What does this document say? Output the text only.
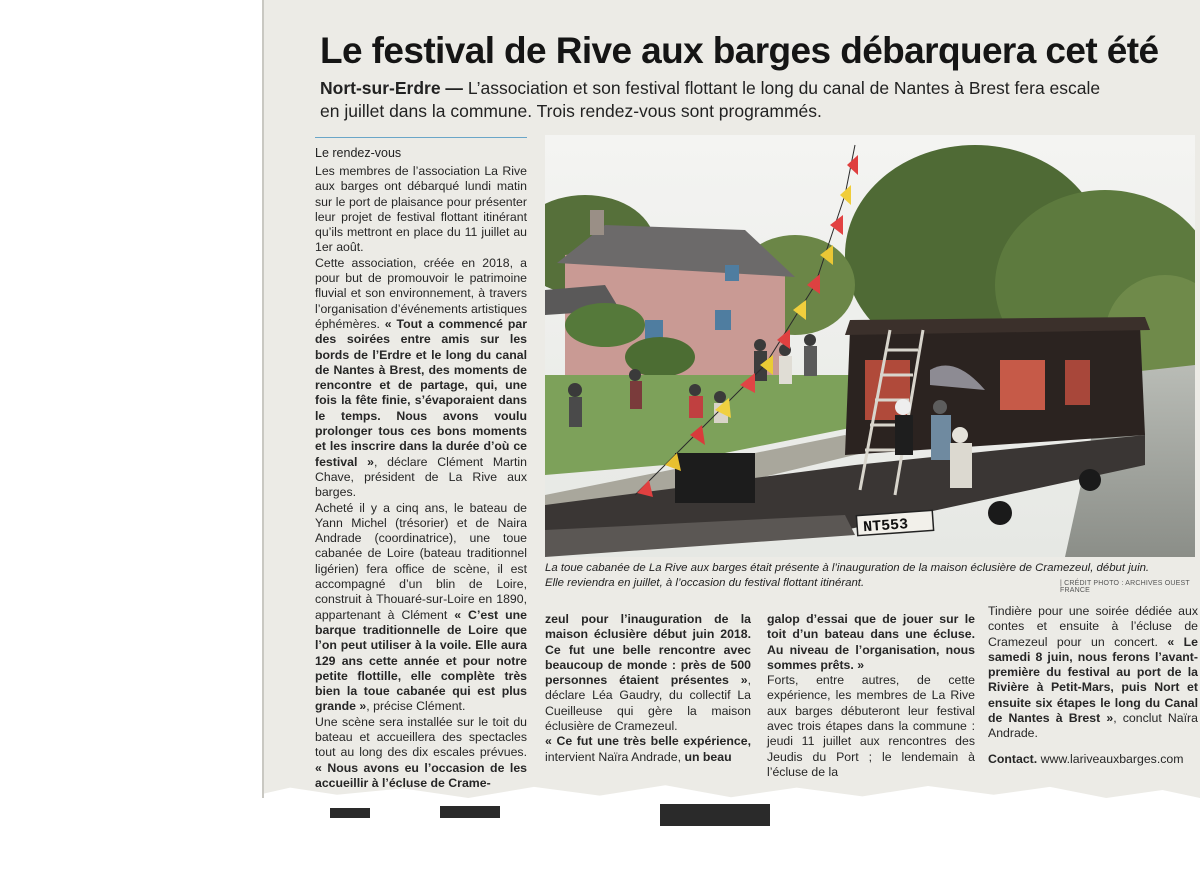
Le festival de Rive aux barges débarquera cet été
Nort-sur-Erdre — L’association et son festival flottant le long du canal de Nantes à Brest fera escale en juillet dans la commune. Trois rendez-vous sont programmés.
Le rendez-vous

Les membres de l’association La Rive aux barges ont débarqué lundi matin sur le port de plaisance pour présenter leur projet de festival flottant itinérant qu’ils mettront en place du 11 juillet au 1er août.

Cette association, créée en 2018, a pour but de promouvoir le patrimoine fluvial et son environnement, à travers l’organisation d’événements artistiques éphémères. « Tout a commencé par des soirées entre amis sur les bords de l’Erdre et le long du canal de Nantes à Brest, des moments de rencontre et de partage, qui, une fois la fête finie, s’évaporaient dans le temps. Nous avons voulu prolonger tous ces bons moments et les inscrire dans la durée d’où ce festival », déclare Clément Martin Chave, président de La Rive aux barges.

Acheté il y a cinq ans, le bateau de Yann Michel (trésorier) et de Naira Andrade (coordinatrice), une toue cabanée de Loire (bateau traditionnel ligérien) fera office de scène, il est accompagné d’un blin de Loire, construit à Thouaré-sur-Loire en 1890, appartenant à Clément « C’est une barque traditionnelle de Loire que l’on peut utiliser à la voile. Elle aura 129 ans cette année et pour notre petite flottille, elle complète très bien la toue cabanée qui est plus grande », précise Clément.

Une scène sera installée sur le toit du bateau et accueillera des spectacles tout au long des dix escales prévues. « Nous avons eu l’occasion de les accueillir à l’écluse de Crame-

NT553
La toue cabanée de La Rive aux barges était présente à l’inauguration de la maison éclusière de Cramezeul, début juin.
Elle reviendra en juillet, à l’occasion du festival flottant itinérant.	| CRÉDIT PHOTO : ARCHIVES OUEST FRANCE

zeul pour l’inauguration de la maison éclusière début juin 2018. Ce fut une belle rencontre avec beaucoup de monde : près de 500 personnes étaient présentes », déclare Léa Gaudry, du collectif La Cueilleuse qui gère la maison éclusière de Cramezeul.

« Ce fut une très belle expérience, intervient Naïra Andrade, un beau

galop d’essai que de jouer sur le toit d’un bateau dans une écluse. Au niveau de l’organisation, nous sommes prêts. »

Forts, entre autres, de cette expérience, les membres de La Rive aux barges débuteront leur festival avec trois étapes dans la commune : jeudi 11 juillet aux rencontres des Jeudis du Port ; le lendemain à l’écluse de la

Tindière pour une soirée dédiée aux contes et ensuite à l’écluse de Cramezeul pour un concert. « Le samedi 8 juin, nous ferons l’avant-première du festival au port de la Rivière à Petit-Mars, puis Nort et ensuite six étapes le long du Canal de Nantes à Brest », conclut Naïra Andrade.

Contact. www.lariveauxbarges.com
